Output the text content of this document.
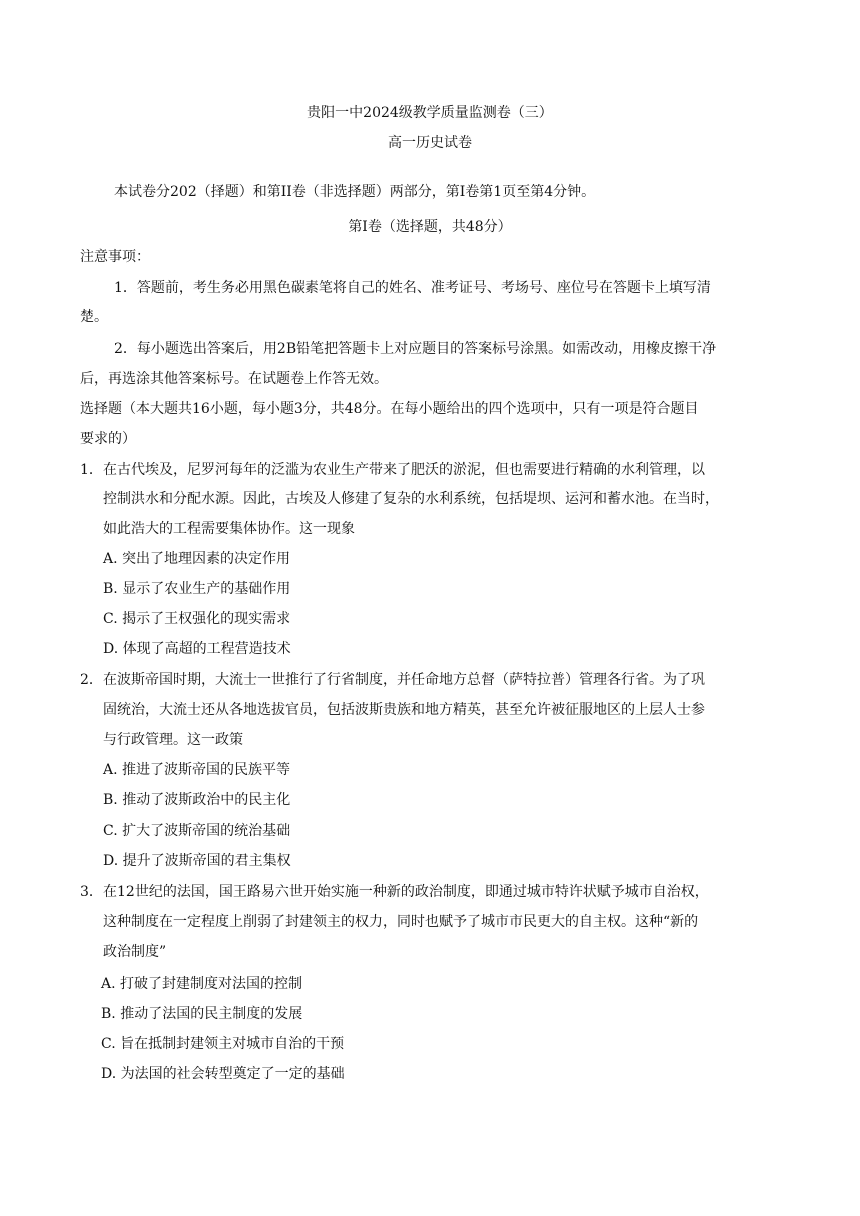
贵阳一中2024级教学质量监测卷（三）
高一历史试卷
本试卷分202（择题）和第II卷（非选择题）两部分，第I卷第1页至第4分钟。
第I卷（选择题，共48分）
注意事项：
1．答题前，考生务必用黑色碳素笔将自己的姓名、准考证号、考场号、座位号在答题卡上填写清
楚。
2．每小题选出答案后，用2B铅笔把答题卡上对应题目的答案标号涂黑。如需改动，用橡皮擦干净
后，再选涂其他答案标号。在试题卷上作答无效。
选择题（本大题共16小题，每小题3分，共48分。在每小题给出的四个选项中，只有一项是符合题目
要求的）
1． 在古代埃及，尼罗河每年的泛滥为农业生产带来了肥沃的淤泥，但也需要进行精确的水利管理，以
控制洪水和分配水源。因此，古埃及人修建了复杂的水利系统，包括堤坝、运河和蓄水池。在当时，
如此浩大的工程需要集体协作。这一现象
A. 突出了地理因素的决定作用
B. 显示了农业生产的基础作用
C. 揭示了王权强化的现实需求
D. 体现了高超的工程营造技术
2． 在波斯帝国时期，大流士一世推行了行省制度，并任命地方总督（萨特拉普）管理各行省。为了巩
固统治，大流士还从各地选拔官员，包括波斯贵族和地方精英，甚至允许被征服地区的上层人士参
与行政管理。这一政策
A. 推进了波斯帝国的民族平等
B. 推动了波斯政治中的民主化
C. 扩大了波斯帝国的统治基础
D. 提升了波斯帝国的君主集权
3． 在12世纪的法国，国王路易六世开始实施一种新的政治制度，即通过城市特许状赋予城市自治权，
这种制度在一定程度上削弱了封建领主的权力，同时也赋予了城市市民更大的自主权。这种“新的
政治制度”
A. 打破了封建制度对法国的控制
B. 推动了法国的民主制度的发展
C. 旨在抵制封建领主对城市自治的干预
D. 为法国的社会转型奠定了一定的基础
